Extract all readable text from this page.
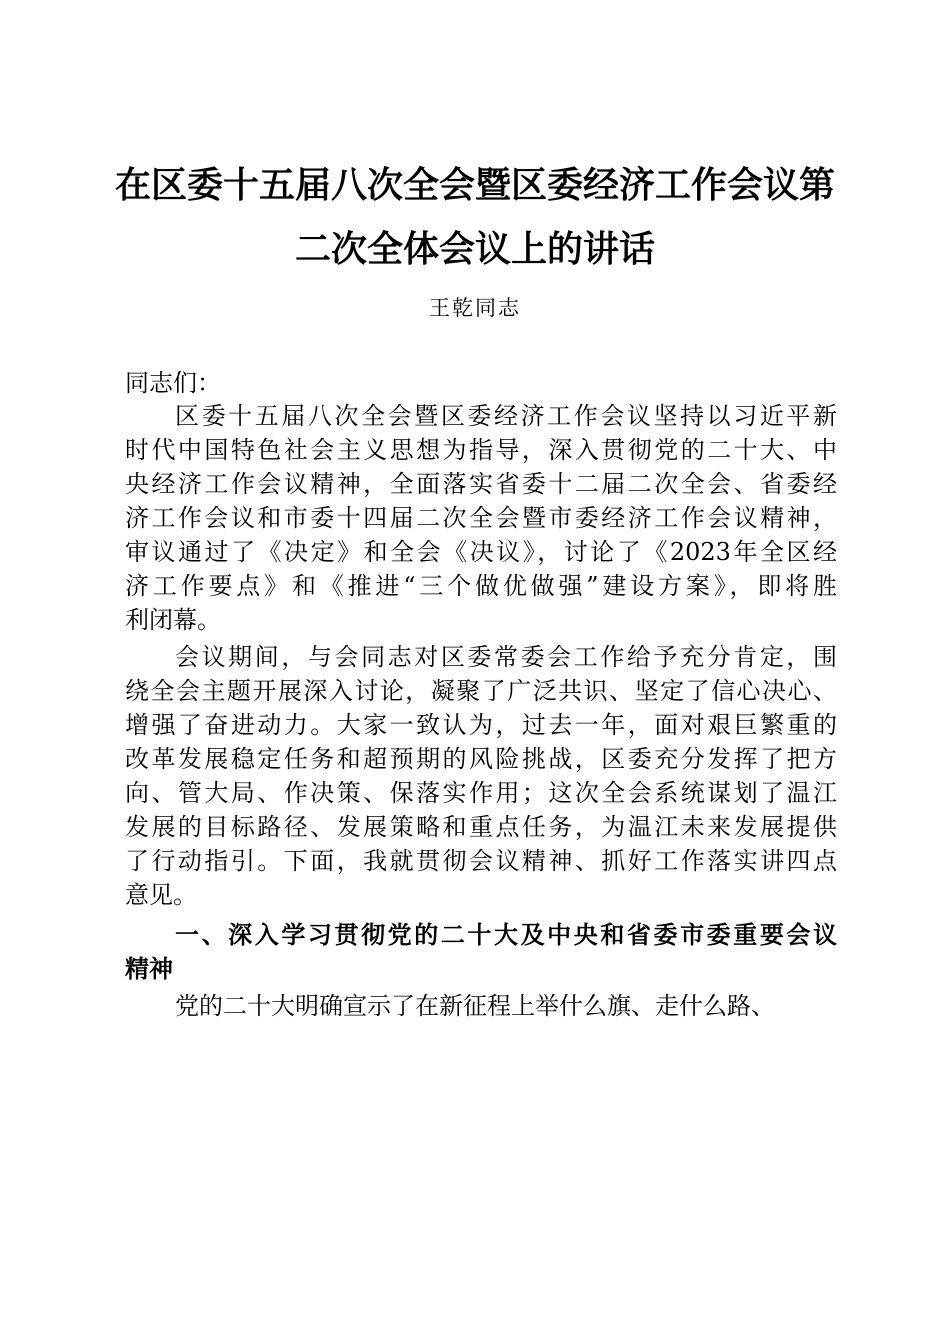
在区委十五届八次全会暨区委经济工作会议第
二次全体会议上的讲话
王乾同志
同志们：
区委十五届八次全会暨区委经济工作会议坚持以习近平新
时代中国特色社会主义思想为指导，深入贯彻党的二十大、中
央经济工作会议精神，全面落实省委十二届二次全会、省委经
济工作会议和市委十四届二次全会暨市委经济工作会议精神，
审议通过了《决定》和全会《决议》，讨论了《2023年全区经
济工作要点》和《推进“三个做优做强”建设方案》，即将胜
利闭幕。
会议期间，与会同志对区委常委会工作给予充分肯定，围
绕全会主题开展深入讨论，凝聚了广泛共识、坚定了信心决心、
增强了奋进动力。大家一致认为，过去一年，面对艰巨繁重的
改革发展稳定任务和超预期的风险挑战，区委充分发挥了把方
向、管大局、作决策、保落实作用；这次全会系统谋划了温江
发展的目标路径、发展策略和重点任务，为温江未来发展提供
了行动指引。下面，我就贯彻会议精神、抓好工作落实讲四点
意见。
一、深入学习贯彻党的二十大及中央和省委市委重要会议
精神
党的二十大明确宣示了在新征程上举什么旗、走什么路、
